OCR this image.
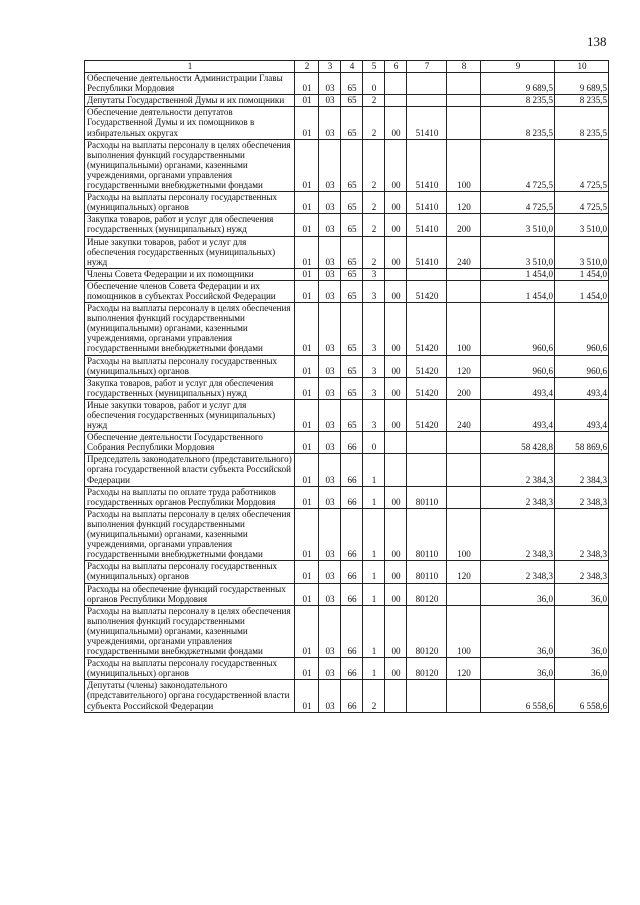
138
1	2	3	4	5	6	7	8	9	10
Обеспечение деятельности Администрации Главы Республики Мордовия	01	03	65	0				9 689,5	9 689,5
Депутаты Государственной Думы и их помощники	01	03	65	2				8 235,5	8 235,5
Обеспечение деятельности депутатов Государственной Думы и их помощников в избирательных округах	01	03	65	2	00	51410		8 235,5	8 235,5
Расходы на выплаты персоналу в целях обеспечения выполнения функций государственными (муниципальными) органами, казенными учреждениями, органами управления государственными внебюджетными фондами	01	03	65	2	00	51410	100	4 725,5	4 725,5
Расходы на выплаты персоналу государственных (муниципальных) органов	01	03	65	2	00	51410	120	4 725,5	4 725,5
Закупка товаров, работ и услуг для обеспечения государственных (муниципальных) нужд	01	03	65	2	00	51410	200	3 510,0	3 510,0
Иные закупки товаров, работ и услуг для обеспечения государственных (муниципальных) нужд	01	03	65	2	00	51410	240	3 510,0	3 510,0
Члены Совета Федерации и их помощники	01	03	65	3				1 454,0	1 454,0
Обеспечение членов Совета Федерации и их помощников в субъектах Российской Федерации	01	03	65	3	00	51420		1 454,0	1 454,0
Расходы на выплаты персоналу в целях обеспечения выполнения функций государственными (муниципальными) органами, казенными учреждениями, органами управления государственными внебюджетными фондами	01	03	65	3	00	51420	100	960,6	960,6
Расходы на выплаты персоналу государственных (муниципальных) органов	01	03	65	3	00	51420	120	960,6	960,6
Закупка товаров, работ и услуг для обеспечения государственных (муниципальных) нужд	01	03	65	3	00	51420	200	493,4	493,4
Иные закупки товаров, работ и услуг для обеспечения государственных (муниципальных) нужд	01	03	65	3	00	51420	240	493,4	493,4
Обеспечение деятельности Государственного Собрания Республики Мордовия	01	03	66	0				58 428,8	58 869,6
Председатель законодательного (представительного) органа государственной власти субъекта Российской Федерации	01	03	66	1				2 384,3	2 384,3
Расходы на выплаты по оплате труда работников государственных органов Республики Мордовия	01	03	66	1	00	80110		2 348,3	2 348,3
Расходы на выплаты персоналу в целях обеспечения выполнения функций государственными (муниципальными) органами, казенными учреждениями, органами управления государственными внебюджетными фондами	01	03	66	1	00	80110	100	2 348,3	2 348,3
Расходы на выплаты персоналу государственных (муниципальных) органов	01	03	66	1	00	80110	120	2 348,3	2 348,3
Расходы на обеспечение функций государственных органов Республики Мордовия	01	03	66	1	00	80120		36,0	36,0
Расходы на выплаты персоналу в целях обеспечения выполнения функций государственными (муниципальными) органами, казенными учреждениями, органами управления государственными внебюджетными фондами	01	03	66	1	00	80120	100	36,0	36,0
Расходы на выплаты персоналу государственных (муниципальных) органов	01	03	66	1	00	80120	120	36,0	36,0
Депутаты (члены) законодательного (представительного) органа государственной власти субъекта Российской Федерации	01	03	66	2				6 558,6	6 558,6
